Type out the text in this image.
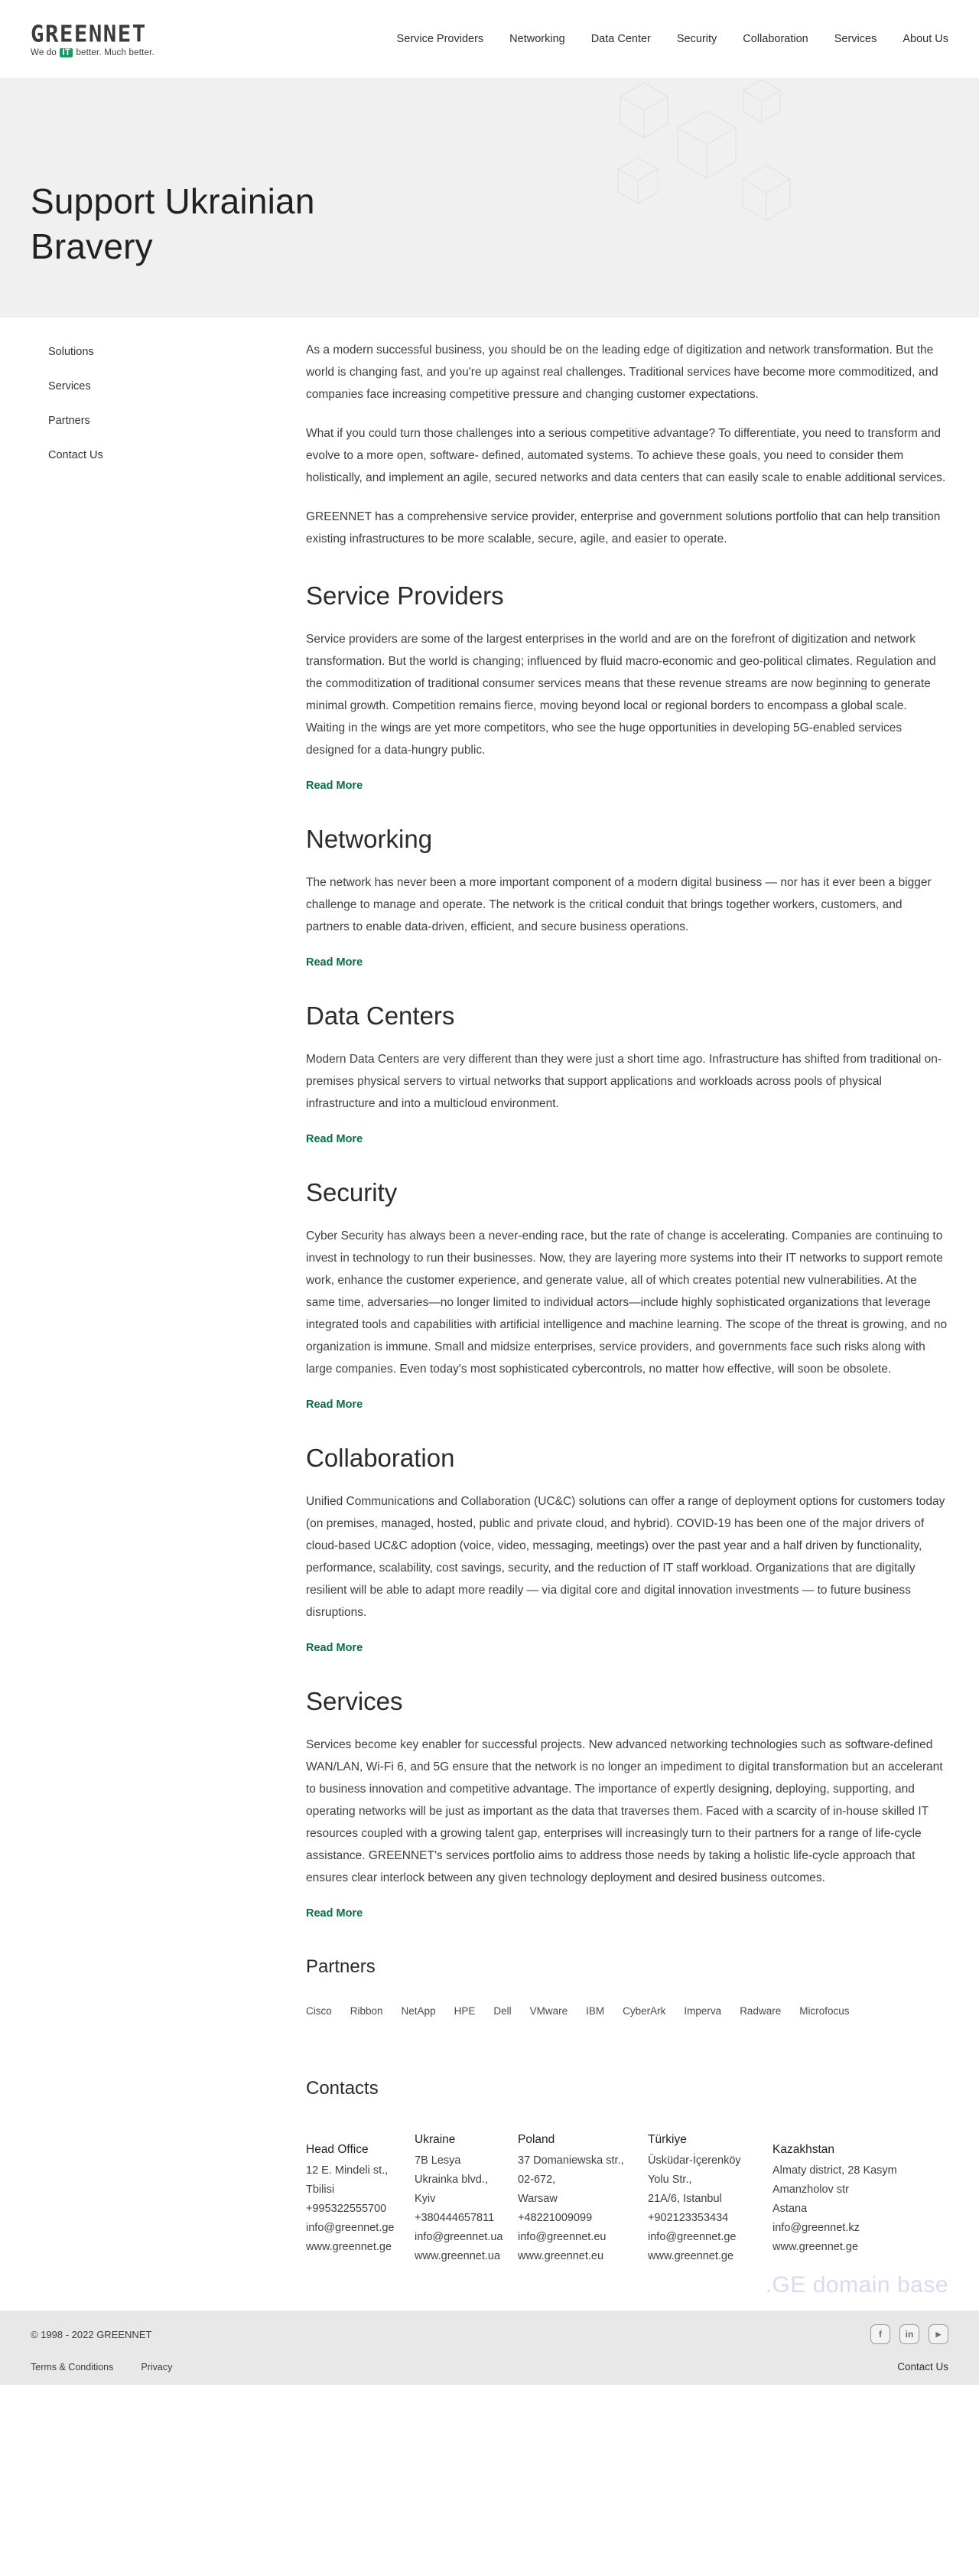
GREENNET
We do IT better. Much better.
Service Providers Networking Data Center Security Collaboration Services About Us
Support Ukrainian
Bravery
Solutions
Services
Partners
Contact Us

As a modern successful business, you should be on the leading edge of digitization and network transformation. But the world is changing fast, and you're up against real challenges. Traditional services have become more commoditized, and companies face increasing competitive pressure and changing customer expectations.

What if you could turn those challenges into a serious competitive advantage? To differentiate, you need to transform and evolve to a more open, software- defined, automated systems. To achieve these goals, you need to consider them holistically, and implement an agile, secured networks and data centers that can easily scale to enable additional services.

GREENNET has a comprehensive service provider, enterprise and government solutions portfolio that can help transition existing infrastructures to be more scalable, secure, agile, and easier to operate.

Service Providers

Service providers are some of the largest enterprises in the world and are on the forefront of digitization and network transformation. But the world is changing; influenced by fluid macro-economic and geo-political climates. Regulation and the commoditization of traditional consumer services means that these revenue streams are now beginning to generate minimal growth. Competition remains fierce, moving beyond local or regional borders to encompass a global scale. Waiting in the wings are yet more competitors, who see the huge opportunities in developing 5G-enabled services designed for a data-hungry public.

Read More
Networking

The network has never been a more important component of a modern digital business — nor has it ever been a bigger challenge to manage and operate. The network is the critical conduit that brings together workers, customers, and partners to enable data-driven, efficient, and secure business operations.

Read More
Data Centers

Modern Data Centers are very different than they were just a short time ago. Infrastructure has shifted from traditional on-premises physical servers to virtual networks that support applications and workloads across pools of physical infrastructure and into a multicloud environment.

Read More
Security

Cyber Security has always been a never-ending race, but the rate of change is accelerating. Companies are continuing to invest in technology to run their businesses. Now, they are layering more systems into their IT networks to support remote work, enhance the customer experience, and generate value, all of which creates potential new vulnerabilities. At the same time, adversaries—no longer limited to individual actors—include highly sophisticated organizations that leverage integrated tools and capabilities with artificial intelligence and machine learning. The scope of the threat is growing, and no organization is immune. Small and midsize enterprises, service providers, and governments face such risks along with large companies. Even today's most sophisticated cybercontrols, no matter how effective, will soon be obsolete.

Read More
Collaboration

Unified Communications and Collaboration (UC&C) solutions can offer a range of deployment options for customers today (on premises, managed, hosted, public and private cloud, and hybrid). COVID-19 has been one of the major drivers of cloud-based UC&C adoption (voice, video, messaging, meetings) over the past year and a half driven by functionality, performance, scalability, cost savings, security, and the reduction of IT staff workload. Organizations that are digitally resilient will be able to adapt more readily — via digital core and digital innovation investments — to future business disruptions.

Read More
Services

Services become key enabler for successful projects. New advanced networking technologies such as software-defined WAN/LAN, Wi-Fi 6, and 5G ensure that the network is no longer an impediment to digital transformation but an accelerant to business innovation and competitive advantage. The importance of expertly designing, deploying, supporting, and operating networks will be just as important as the data that traverses them. Faced with a scarcity of in-house skilled IT resources coupled with a growing talent gap, enterprises will increasingly turn to their partners for a range of life-cycle assistance. GREENNET's services portfolio aims to address those needs by taking a holistic life-cycle approach that ensures clear interlock between any given technology deployment and desired business outcomes.

Read More
Partners
Cisco Ribbon NetApp HPE Dell VMware IBM CyberArk Imperva Radware Microfocus
Contacts
Head Office
12 E. Mindeli st.,
Tbilisi
+995322555700
info@greennet.ge
www.greennet.ge
Ukraine
7B Lesya
Ukrainka blvd.,
Kyiv
+380444657811
info@greennet.ua
www.greennet.ua
Poland
37 Domaniewska str.,
02-672,
Warsaw
+48221009099
info@greennet.eu
www.greennet.eu
Türkiye
Üsküdar-İçerenköy
Yolu Str.,
21A/6, Istanbul
+902123353434
info@greennet.ge
www.greennet.ge
Kazakhstan
Almaty district, 28 Kasym
Amanzholov str
Astana
info@greennet.kz
www.greennet.ge
.GE domain base
© 1998 - 2022 GREENNET	f	in	▶
Terms & Conditions	Privacy	Contact Us
